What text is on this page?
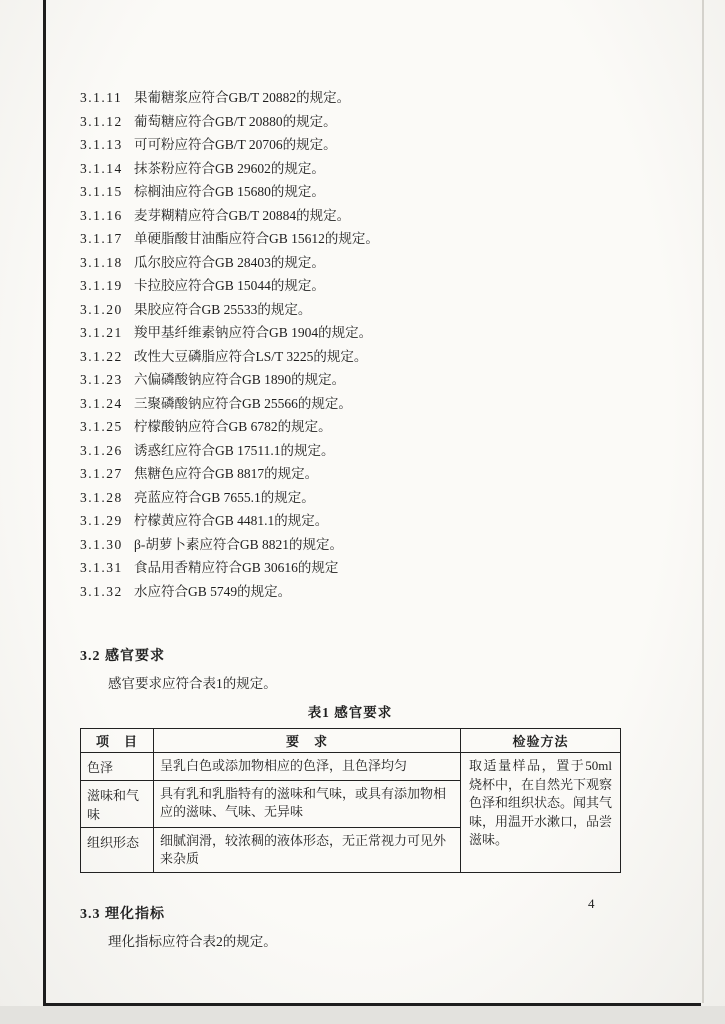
3.1.11 果葡糖浆应符合GB/T 20882的规定。
3.1.12 葡萄糖应符合GB/T 20880的规定。
3.1.13 可可粉应符合GB/T 20706的规定。
3.1.14 抹茶粉应符合GB 29602的规定。
3.1.15 棕榈油应符合GB 15680的规定。
3.1.16 麦芽糊精应符合GB/T 20884的规定。
3.1.17 单硬脂酸甘油酯应符合GB 15612的规定。
3.1.18 瓜尔胶应符合GB 28403的规定。
3.1.19 卡拉胶应符合GB 15044的规定。
3.1.20 果胶应符合GB 25533的规定。
3.1.21 羧甲基纤维素钠应符合GB 1904的规定。
3.1.22 改性大豆磷脂应符合LS/T 3225的规定。
3.1.23 六偏磷酸钠应符合GB 1890的规定。
3.1.24 三聚磷酸钠应符合GB 25566的规定。
3.1.25 柠檬酸钠应符合GB 6782的规定。
3.1.26 诱惑红应符合GB 17511.1的规定。
3.1.27 焦糖色应符合GB 8817的规定。
3.1.28 亮蓝应符合GB 7655.1的规定。
3.1.29 柠檬黄应符合GB 4481.1的规定。
3.1.30 β-胡萝卜素应符合GB 8821的规定。
3.1.31 食品用香精应符合GB 30616的规定
3.1.32 水应符合GB 5749的规定。
3.2 感官要求
感官要求应符合表1的规定。
表1 感官要求
项　目	要　求	检验方法
色泽	呈乳白色或添加物相应的色泽，且色泽均匀	取适量样品，置于50ml烧杯中，在自然光下观察色泽和组织状态。闻其气味，用温开水漱口，品尝滋味。
滋味和气味	具有乳和乳脂特有的滋味和气味，或具有添加物相应的滋味、气味、无异味	
组织形态	细腻润滑，较浓稠的液体形态，无正常视力可见外来杂质	
3.3 理化指标
理化指标应符合表2的规定。
4
